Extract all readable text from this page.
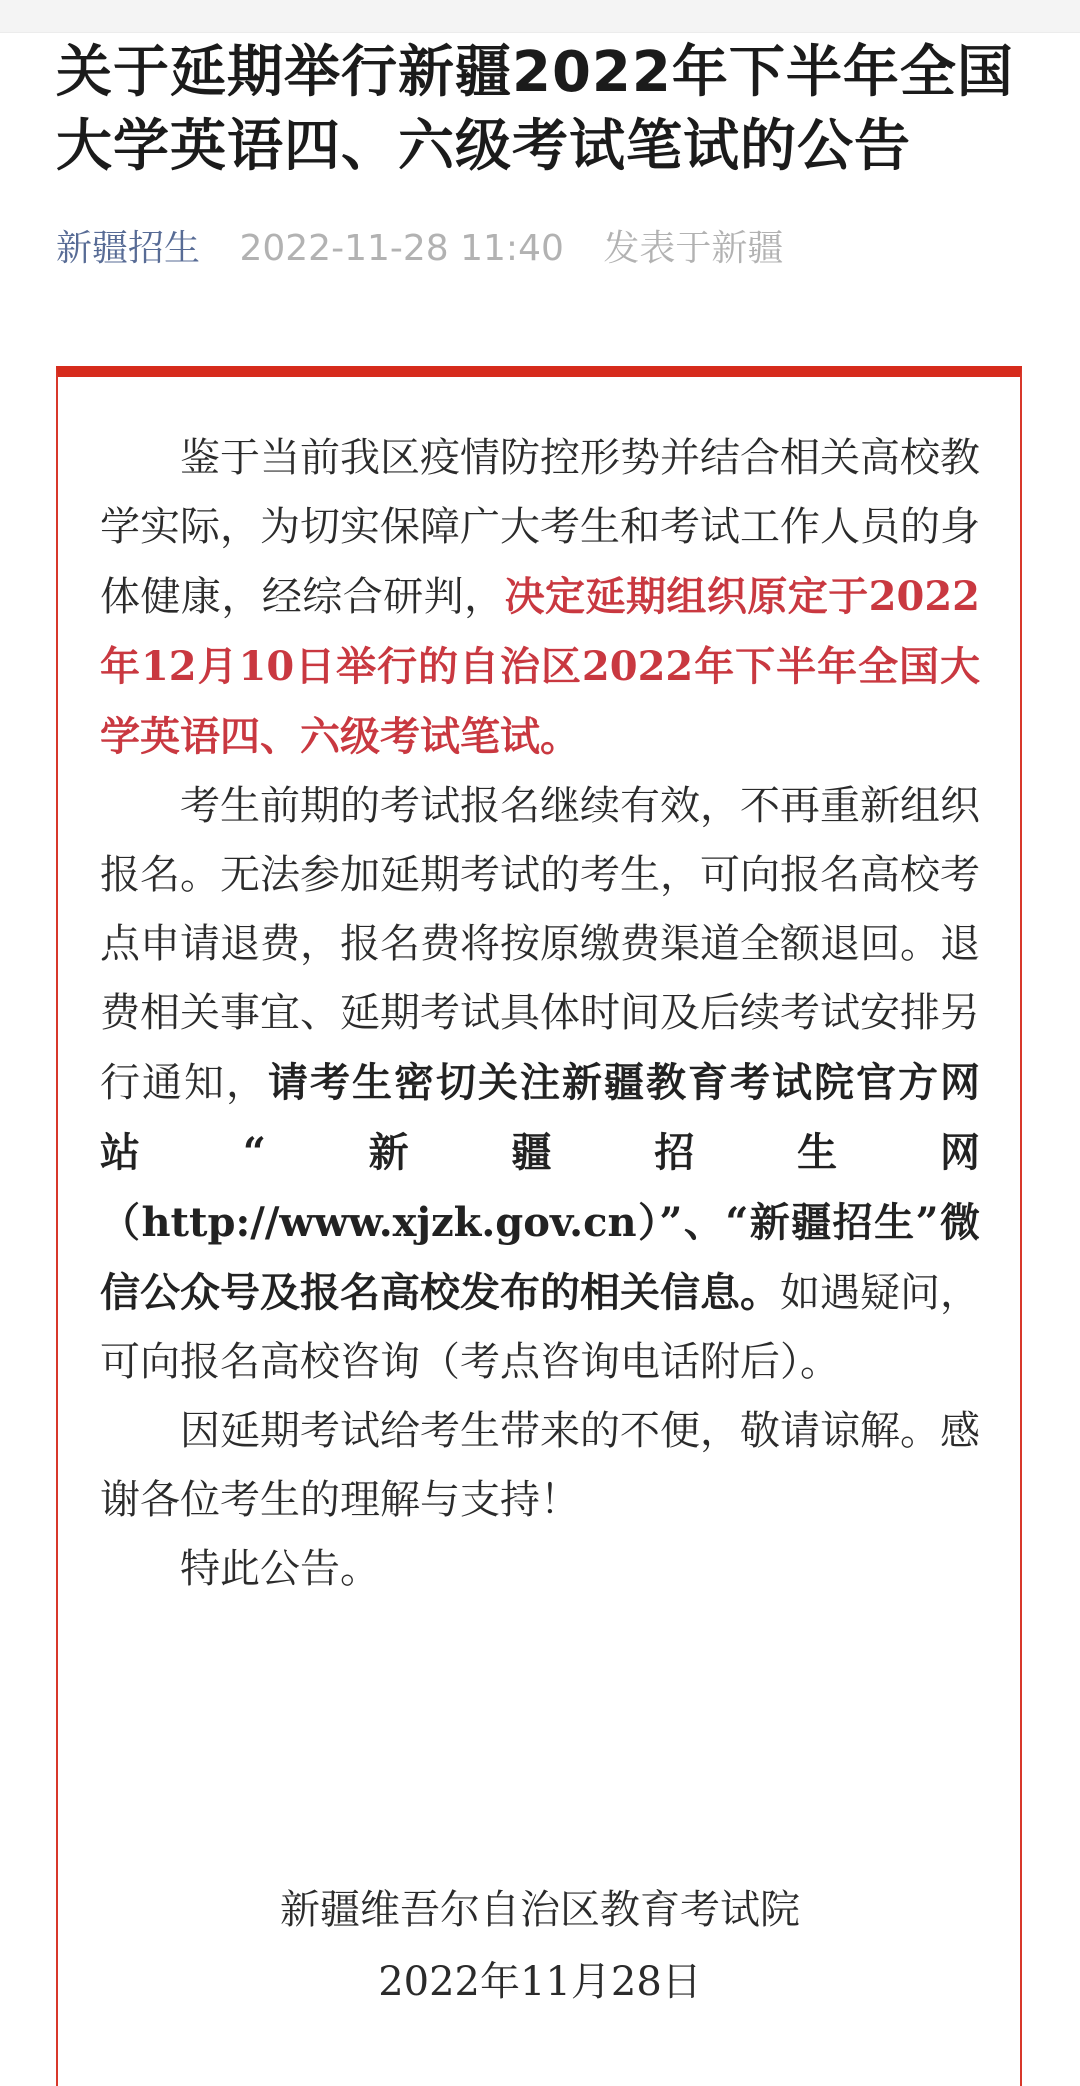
关于延期举行新疆2022年下半年全国大学英语四、六级考试笔试的公告
新疆招生 2022-11-28 11:40 发表于新疆

鉴于当前我区疫情防控形势并结合相关高校教学实际，为切实保障广大考生和考试工作人员的身体健康，经综合研判，决定延期组织原定于2022年12月10日举行的自治区2022年下半年全国大学英语四、六级考试笔试。

考生前期的考试报名继续有效，不再重新组织报名。无法参加延期考试的考生，可向报名高校考点申请退费，报名费将按原缴费渠道全额退回。退费相关事宜、延期考试具体时间及后续考试安排另行通知，请考生密切关注新疆教育考试院官方网站“新疆招生网（http://www.xjzk.gov.cn）”、“新疆招生”微信公众号及报名高校发布的相关信息。如遇疑问，可向报名高校咨询（考点咨询电话附后）。

因延期考试给考生带来的不便，敬请谅解。感谢各位考生的理解与支持！

特此公告。

新疆维吾尔自治区教育考试院
2022年11月28日
